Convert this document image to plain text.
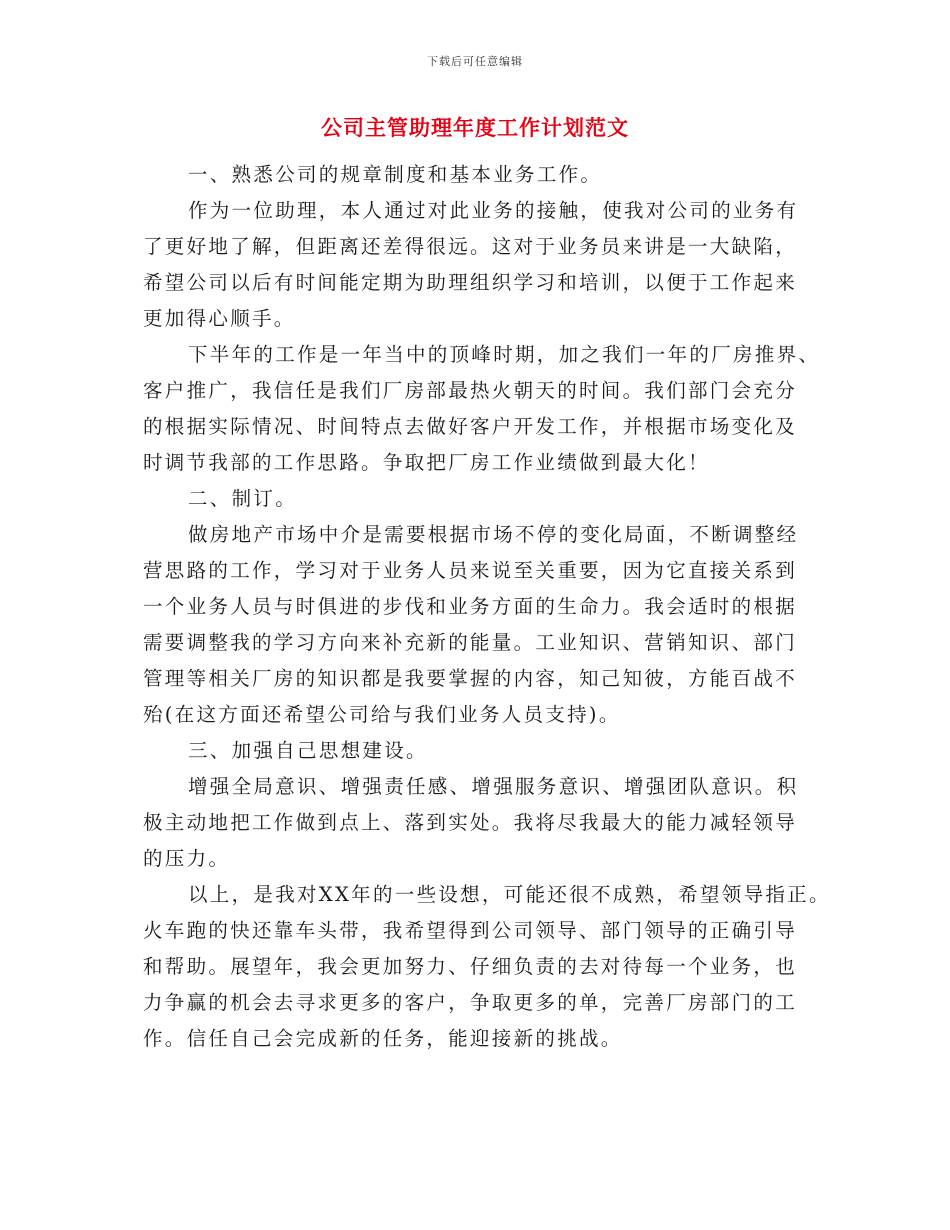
下载后可任意编辑
公司主管助理年度工作计划范文
一、熟悉公司的规章制度和基本业务工作。
作为一位助理，本人通过对此业务的接触，使我对公司的业务有
了更好地了解，但距离还差得很远。这对于业务员来讲是一大缺陷，
希望公司以后有时间能定期为助理组织学习和培训，以便于工作起来
更加得心顺手。
下半年的工作是一年当中的顶峰时期，加之我们一年的厂房推界、
客户推广，我信任是我们厂房部最热火朝天的时间。我们部门会充分
的根据实际情况、时间特点去做好客户开发工作，并根据市场变化及
时调节我部的工作思路。争取把厂房工作业绩做到最大化！
二、制订。
做房地产市场中介是需要根据市场不停的变化局面，不断调整经
营思路的工作，学习对于业务人员来说至关重要，因为它直接关系到
一个业务人员与时俱进的步伐和业务方面的生命力。我会适时的根据
需要调整我的学习方向来补充新的能量。工业知识、营销知识、部门
管理等相关厂房的知识都是我要掌握的内容，知己知彼，方能百战不
殆(在这方面还希望公司给与我们业务人员支持)。
三、加强自己思想建设。
增强全局意识、增强责任感、增强服务意识、增强团队意识。积
极主动地把工作做到点上、落到实处。我将尽我最大的能力减轻领导
的压力。
以上，是我对XX年的一些设想，可能还很不成熟，希望领导指正。
火车跑的快还靠车头带，我希望得到公司领导、部门领导的正确引导
和帮助。展望年，我会更加努力、仔细负责的去对待每一个业务，也
力争赢的机会去寻求更多的客户，争取更多的单，完善厂房部门的工
作。信任自己会完成新的任务，能迎接新的挑战。
